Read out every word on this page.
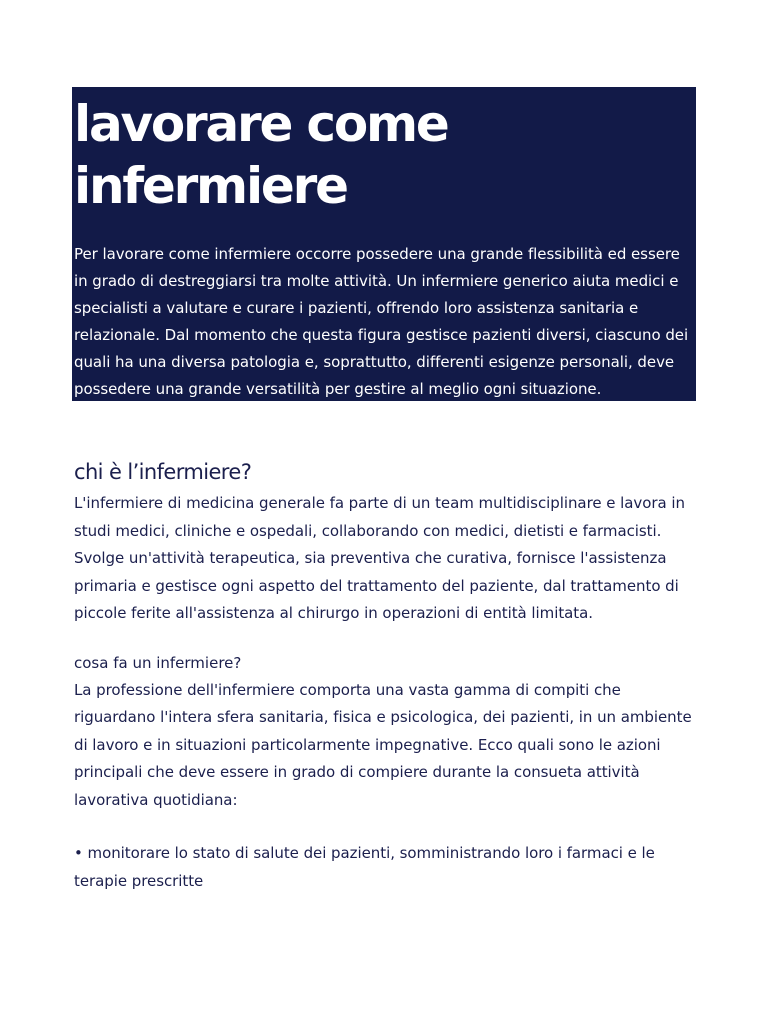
lavorare come
infermiere

Per lavorare come infermiere occorre possedere una grande flessibilità ed essere in grado di destreggiarsi tra molte attività. Un infermiere generico aiuta medici e specialisti a valutare e curare i pazienti, offrendo loro assistenza sanitaria e relazionale. Dal momento che questa figura gestisce pazienti diversi, ciascuno dei quali ha una diversa patologia e, soprattutto, differenti esigenze personali, deve possedere una grande versatilità per gestire al meglio ogni situazione.

chi è l’infermiere?

L'infermiere di medicina generale fa parte di un team multidisciplinare e lavora in studi medici, cliniche e ospedali, collaborando con medici, dietisti e farmacisti. Svolge un'attività terapeutica, sia preventiva che curativa, fornisce l'assistenza primaria e gestisce ogni aspetto del trattamento del paziente, dal trattamento di piccole ferite all'assistenza al chirurgo in operazioni di entità limitata.

cosa fa un infermiere?

La professione dell'infermiere comporta una vasta gamma di compiti che riguardano l'intera sfera sanitaria, fisica e psicologica, dei pazienti, in un ambiente di lavoro e in situazioni particolarmente impegnative. Ecco quali sono le azioni principali che deve essere in grado di compiere durante la consueta attività lavorativa quotidiana:

• monitorare lo stato di salute dei pazienti, somministrando loro i farmaci e le terapie prescritte
